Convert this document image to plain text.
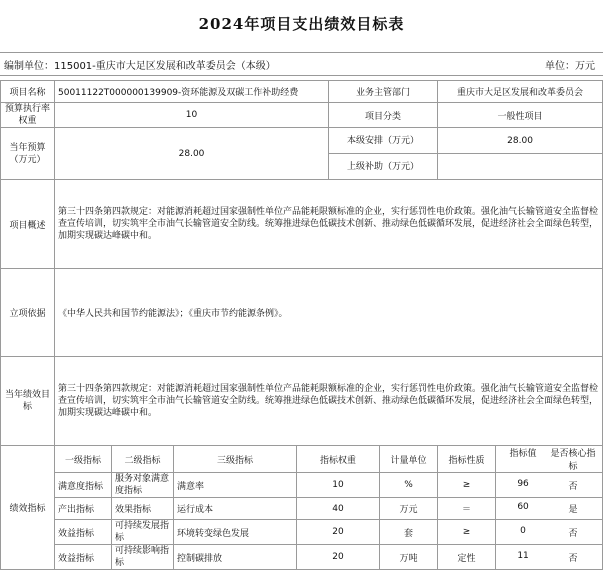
2024年项目支出绩效目标表
编制单位： 115001-重庆市大足区发展和改革委员会（本级）	单位：万元
项目名称	50011122T000000139909-资环能源及双碳工作补助经费				业务主管部门		重庆市大足区发展和改革委员会	
预算执行率权重	10				项目分类		一般性项目	
当年预算（万元）	28.00				本级安排（万元）		28.00	
					上级补助（万元）			
项目概述	第三十四条第四款规定：对能源消耗超过国家强制性单位产品能耗限额标准的企业，实行惩罚性电价政策。强化油气长输管道安全监督检查宣传培训，切实筑牢全市油气长输管道安全防线。统筹推进绿色低碳技术创新、推动绿色低碳循环发展，促进经济社会全面绿色转型，加期实现碳达峰碳中和。							
立项依据	《中华人民共和国节约能源法》；《重庆市节约能源条例》。							
当年绩效目标	第三十四条第四款规定：对能源消耗超过国家强制性单位产品能耗限额标准的企业，实行惩罚性电价政策。强化油气长输管道安全监督检查宣传培训，切实筑牢全市油气长输管道安全防线。统筹推进绿色低碳技术创新、推动绿色低碳循环发展，促进经济社会全面绿色转型，加期实现碳达峰碳中和。							
绩效指标	一级指标	二级指标	三级指标	指标权重		计量单位	指标性质	指标值 是否核心指标

	满意度指标	服务对象满意度指标	满意率	10		%	≥	96 否

	产出指标	效果指标	运行成本	40		万元	＝	60 是

	效益指标	可持续发展指标	环境转变绿色发展	20		套	≥	0 否

	效益指标	可持续影响指标	控制碳排放	20		万吨	定性	11 否
